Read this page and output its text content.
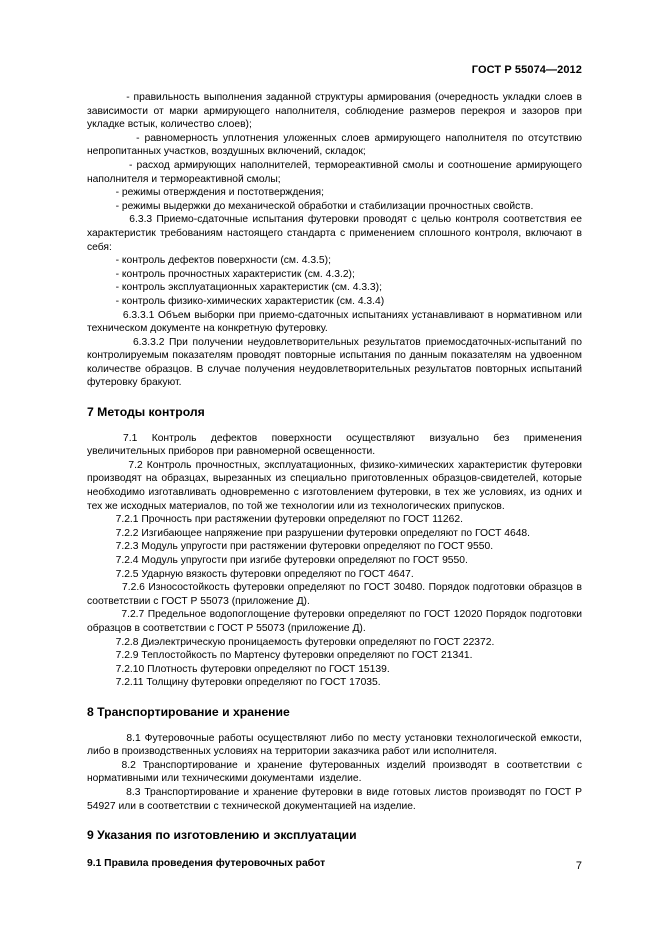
ГОСТ Р 55074—2012

- правильность выполнения заданной структуры армирования (очередность укладки слоев в зависимости от марки армирующего наполнителя, соблюдение размеров перекроя и зазоров при укладке встык, количество слоев);

- равномерность уплотнения уложенных слоев армирующего наполнителя по отсутствию непропитанных участков, воздушных включений, складок;

- расход армирующих наполнителей, термореактивной смолы и соотношение армирующего наполнителя и термореактивной смолы;

- режимы отверждения и постотверждения;

- режимы выдержки до механической обработки и стабилизации прочностных свойств.

6.3.3 Приемо-сдаточные испытания футеровки проводят с целью контроля соответствия ее характеристик требованиям настоящего стандарта с применением сплошного контроля, включают в себя:

- контроль дефектов поверхности (см. 4.3.5);

- контроль прочностных характеристик (см. 4.3.2);

- контроль эксплуатационных характеристик (см. 4.3.3);

- контроль физико-химических характеристик (см. 4.3.4)

6.3.3.1 Объем выборки при приемо-сдаточных испытаниях устанавливают в нормативном или техническом документе на конкретную футеровку.

6.3.3.2 При получении неудовлетворительных результатов приемосдаточных-испытаний по контролируемым показателям проводят повторные испытания по данным показателям на удвоенном количестве образцов. В случае получения неудовлетворительных результатов повторных испытаний футеровку бракуют.

7 Методы контроля

7.1    Контроль    дефектов    поверхности    осуществляют    визуально    без    применения увеличительных приборов при равномерной освещенности.

7.2 Контроль прочностных, эксплуатационных, физико-химических характеристик футеровки производят на образцах, вырезанных из специально приготовленных образцов-свидетелей, которые необходимо изготавливать одновременно с изготовлением футеровки, в тех же условиях, из одних и тех же исходных материалов, по той же технологии или из технологических припусков.

7.2.1 Прочность при растяжении футеровки определяют по ГОСТ 11262.

7.2.2 Изгибающее напряжение при разрушении футеровки определяют по ГОСТ 4648.

7.2.3 Модуль упругости при растяжении футеровки определяют по ГОСТ 9550.

7.2.4 Модуль упругости при изгибе футеровки определяют по ГОСТ 9550.

7.2.5 Ударную вязкость футеровки определяют по ГОСТ 4647.

7.2.6 Износостойкость футеровки определяют по ГОСТ 30480. Порядок подготовки образцов в соответствии с ГОСТ Р 55073 (приложение Д).

7.2.7 Предельное водопоглощение футеровки определяют по ГОСТ 12020 Порядок подготовки образцов в соответствии с ГОСТ Р 55073 (приложение Д).

7.2.8 Диэлектрическую проницаемость футеровки определяют по ГОСТ 22372.

7.2.9 Теплостойкость по Мартенсу футеровки определяют по ГОСТ 21341.

7.2.10 Плотность футеровки определяют по ГОСТ 15139.

7.2.11 Толщину футеровки определяют по ГОСТ 17035.

8 Транспортирование и хранение

8.1 Футеровочные работы осуществляют либо по месту установки технологической емкости, либо в производственных условиях на территории заказчика работ или исполнителя.

8.2  Транспортирование  и  хранение  футерованных  изделий  производят  в  соответствии  с нормативными или техническими документами  изделие.

8.3 Транспортирование и хранение футеровки в виде готовых листов производят по ГОСТ Р 54927 или в соответствии с технической документацией на изделие.

9 Указания по изготовлению и эксплуатации
9.1 Правила проведения футеровочных работ	7
